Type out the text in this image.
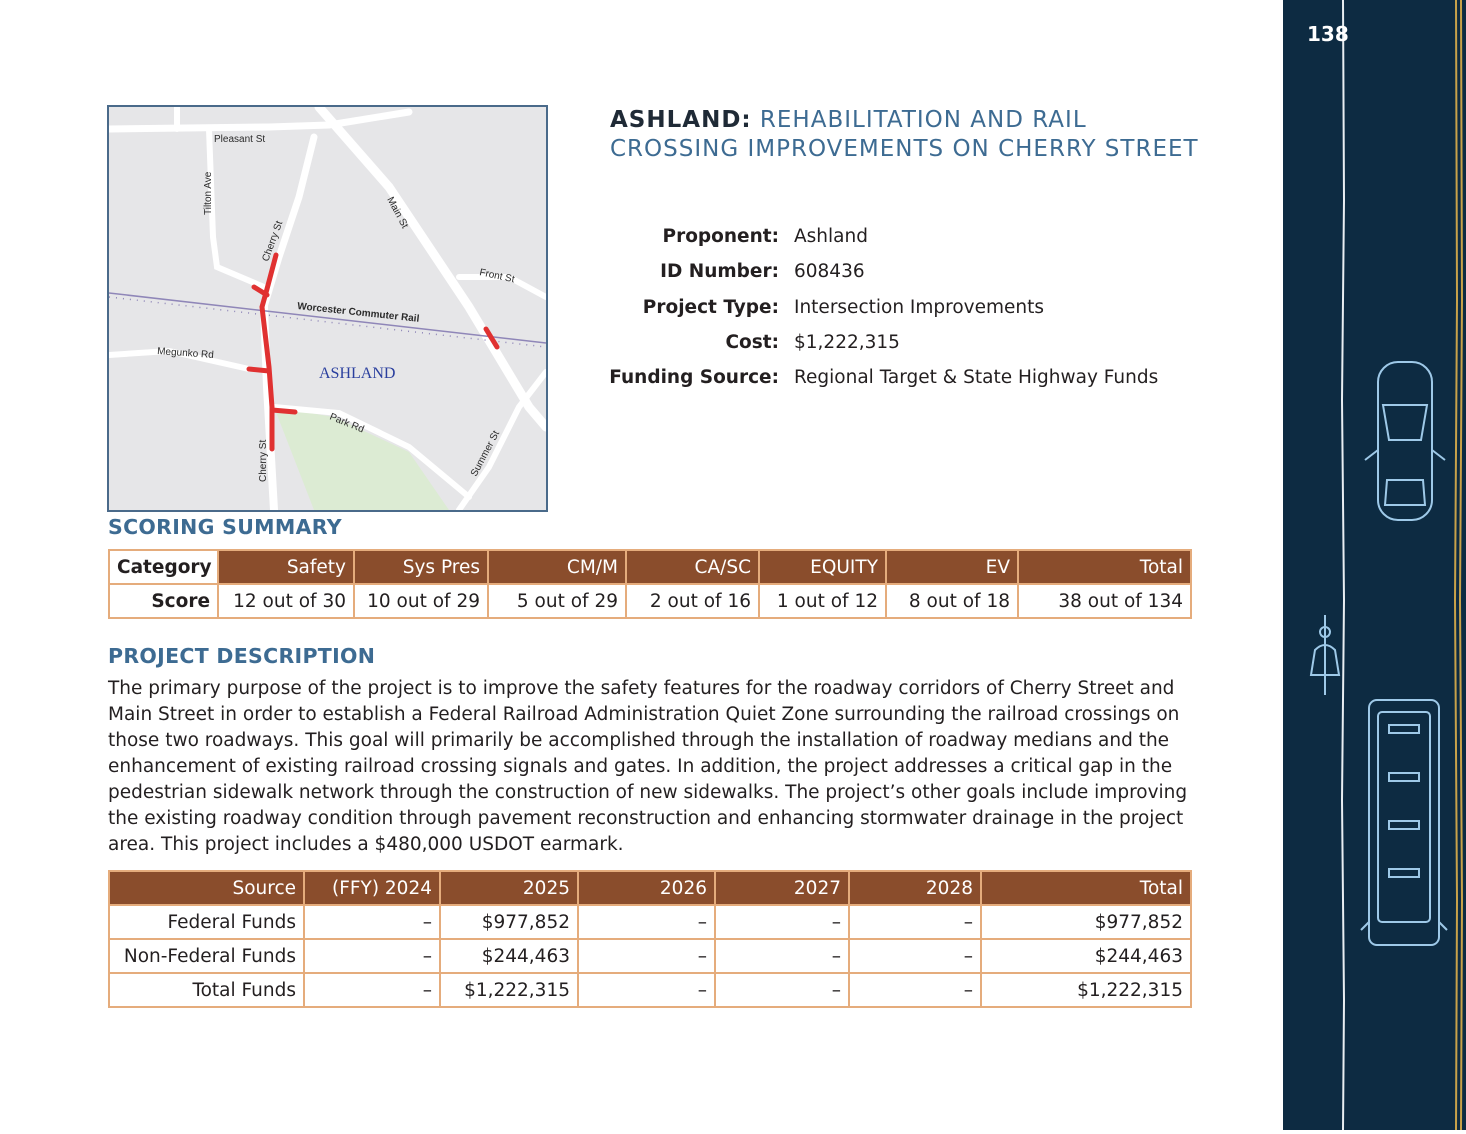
Pleasant St
Tilton Ave	Main St
Cherry St
Front St
Worcester Commuter Rail
Megunko Rd
Park Rd
Cherry St	Summer St
ASHLAND
ASHLAND: REHABILITATION AND RAIL CROSSING IMPROVEMENTS ON CHERRY STREET
Proponent: Ashland
ID Number: 608436
Project Type: Intersection Improvements
Cost: $1,222,315
Funding Source: Regional Target & State Highway Funds
SCORING SUMMARY
Category	Safety	Sys Pres	CM/M	CA/SC	EQUITY	EV	Total
Score	12 out of 30	10 out of 29	5 out of 29	2 out of 16	1 out of 12	8 out of 18	38 out of 134
PROJECT DESCRIPTION
The primary purpose of the project is to improve the safety features for the roadway corridors of Cherry Street and Main Street in order to establish a Federal Railroad Administration Quiet Zone surrounding the railroad crossings on those two roadways. This goal will primarily be accomplished through the installation of roadway medians and the enhancement of existing railroad crossing signals and gates. In addition, the project addresses a critical gap in the pedestrian sidewalk network through the construction of new sidewalks. The project’s other goals include improving the existing roadway condition through pavement reconstruction and enhancing stormwater drainage in the project area. This project includes a $480,000 USDOT earmark.
Source	(FFY) 2024	2025	2026	2027	2028	Total
Federal Funds	–	$977,852	–	–	–	$977,852
Non-Federal Funds	–	$244,463	–	–	–	$244,463
Total Funds	–	$1,222,315	–	–	–	$1,222,315
138
